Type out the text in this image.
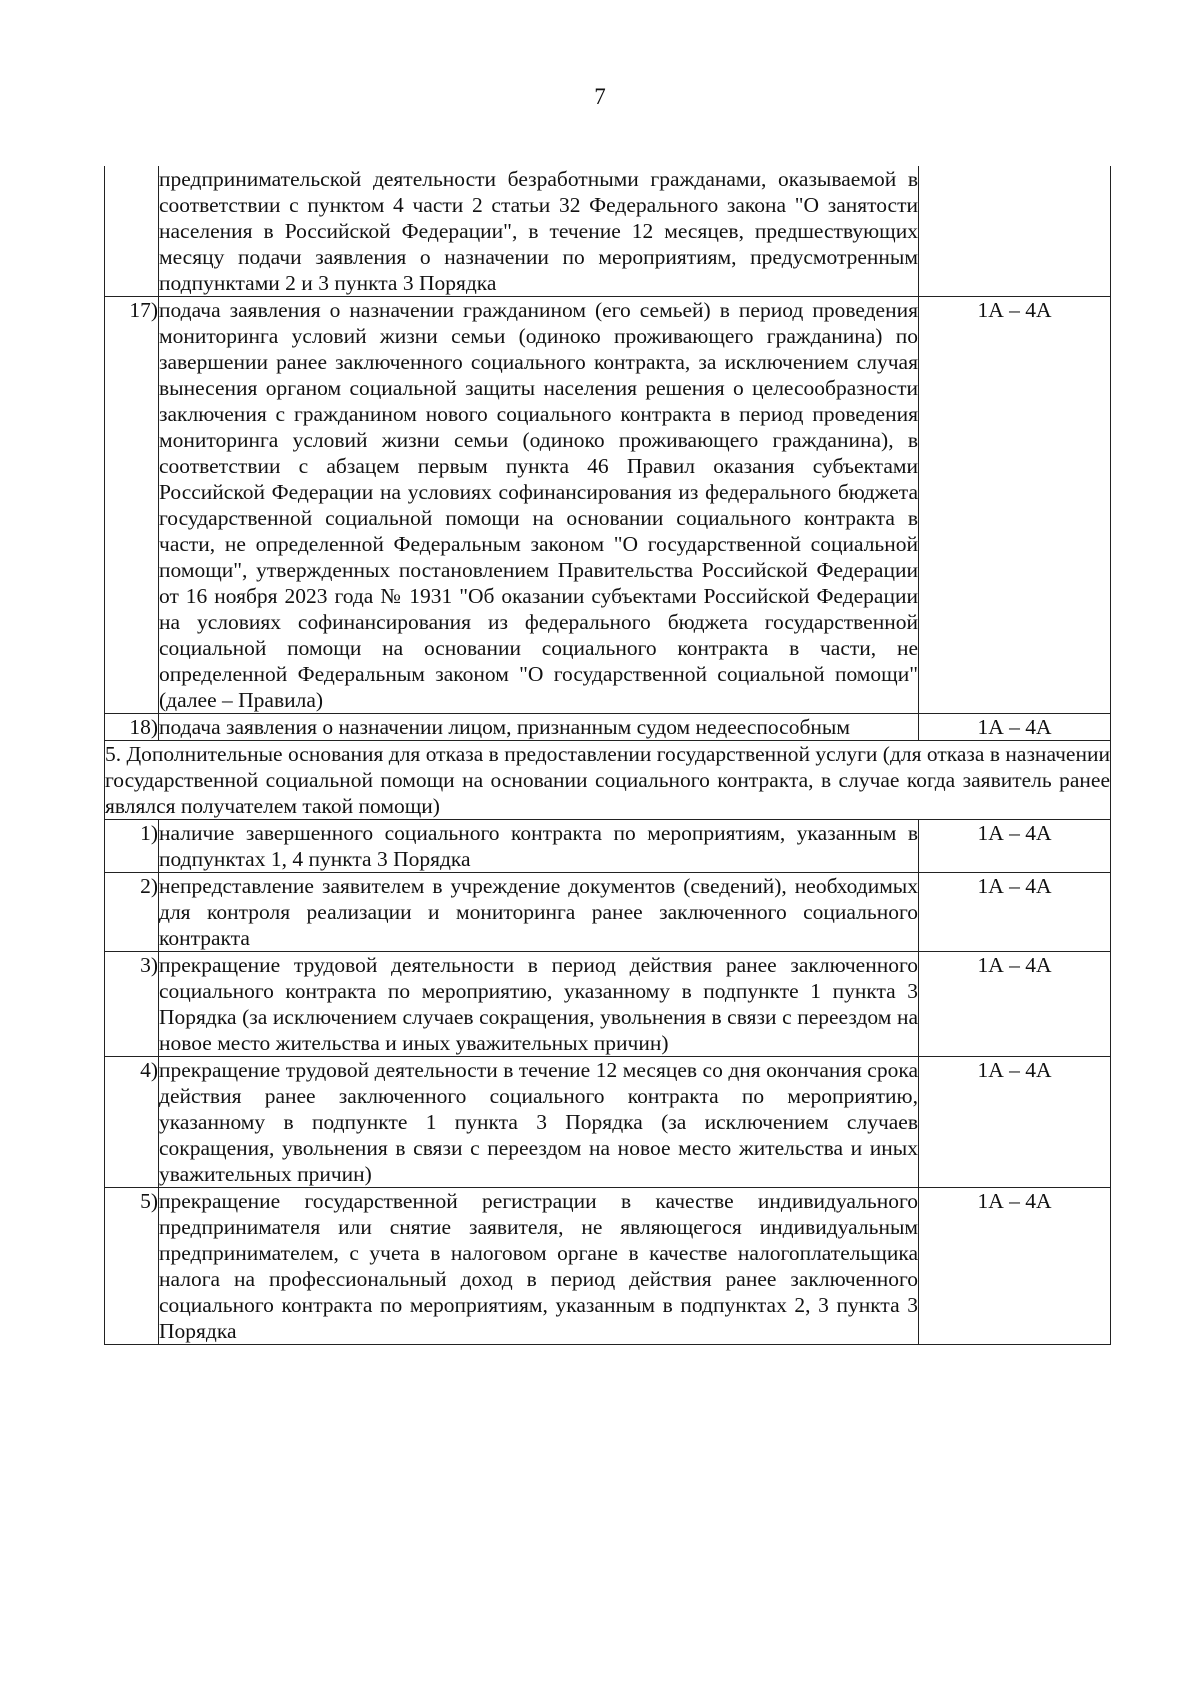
7
	предпринимательской деятельности безработными гражданами, оказываемой в соответствии с пунктом 4 части 2 статьи 32 Федерального закона "О занятости населения в Российской Федерации", в течение 12 месяцев, предшествующих месяцу подачи заявления о назначении по мероприятиям, предусмотренным подпунктами 2 и 3 пункта 3 Порядка	
17)	подача заявления о назначении гражданином (его семьей) в период проведения мониторинга условий жизни семьи (одиноко проживающего гражданина) по завершении ранее заключенного социального контракта, за исключением случая вынесения органом социальной защиты населения решения о целесообразности заключения с гражданином нового социального контракта в период проведения мониторинга условий жизни семьи (одиноко проживающего гражданина), в соответствии с абзацем первым пункта 46 Правил оказания субъектами Российской Федерации на условиях софинансирования из федерального бюджета государственной социальной помощи на основании социального контракта в части, не определенной Федеральным законом "О государственной социальной помощи", утвержденных постановлением Правительства Российской Федерации от 16 ноября 2023 года № 1931 "Об оказании субъектами Российской Федерации на условиях софинансирования из федерального бюджета государственной социальной помощи на основании социального контракта в части, не определенной Федеральным законом "О государственной социальной помощи" (далее – Правила)	1А – 4А
18)	подача заявления о назначении лицом, признанным судом недееспособным	1А – 4А
5. Дополнительные основания для отказа в предоставлении государственной услуги (для отказа в назначении государственной социальной помощи на основании социального контракта, в случае когда заявитель ранее являлся получателем такой помощи)		
1)	наличие завершенного социального контракта по мероприятиям, указанным в подпунктах 1, 4 пункта 3 Порядка	1А – 4А
2)	непредставление заявителем в учреждение документов (сведений), необходимых для контроля реализации и мониторинга ранее заключенного социального контракта	1А – 4А
3)	прекращение трудовой деятельности в период действия ранее заключенного социального контракта по мероприятию, указанному в подпункте 1 пункта 3 Порядка (за исключением случаев сокращения, увольнения в связи с переездом на новое место жительства и иных уважительных причин)	1А – 4А
4)	прекращение трудовой деятельности в течение 12 месяцев со дня окончания срока действия ранее заключенного социального контракта по мероприятию, указанному в подпункте 1 пункта 3 Порядка (за исключением случаев сокращения, увольнения в связи с переездом на новое место жительства и иных уважительных причин)	1А – 4А
5)	прекращение государственной регистрации в качестве индивидуального предпринимателя или снятие заявителя, не являющегося индивидуальным предпринимателем, с учета в налоговом органе в качестве налогоплательщика налога на профессиональный доход в период действия ранее заключенного социального контракта по мероприятиям, указанным в подпунктах 2, 3 пункта 3 Порядка	1А – 4А
